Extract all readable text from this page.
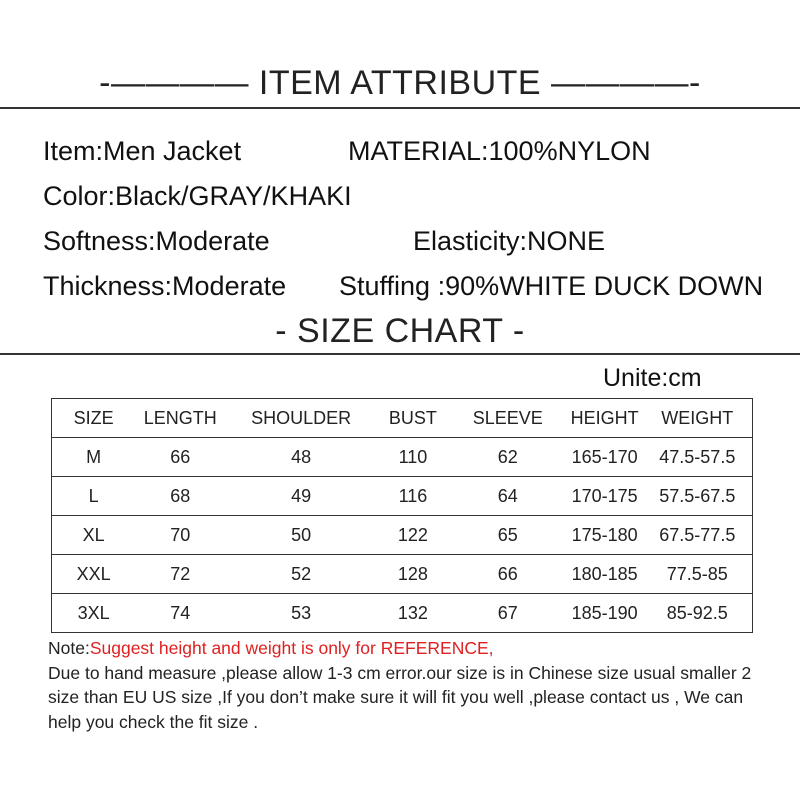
-———— ITEM ATTRIBUTE ————-
Item:Men Jacket	MATERIAL:100%NYLON
Color:Black/GRAY/KHAKI
Softness:Moderate	Elasticity:NONE
Thickness:Moderate Stuffing :90%WHITE DUCK DOWN
- SIZE CHART -
Unite:cm
SIZE	LENGTH	SHOULDER	BUST	SLEEVE	HEIGHT	WEIGHT
M	66	48	110	62	165-170	47.5-57.5
L	68	49	116	64	170-175	57.5-67.5
XL	70	50	122	65	175-180	67.5-77.5
XXL	72	52	128	66	180-185	77.5-85
3XL	74	53	132	67	185-190	85-92.5
Note:Suggest height and weight is only for REFERENCE,
Due to hand measure ,please allow 1-3 cm error.our size is in Chinese size usual smaller 2 size than EU US size ,If you don’t make sure it will fit you well ,please contact us , We can help you check the fit size .
